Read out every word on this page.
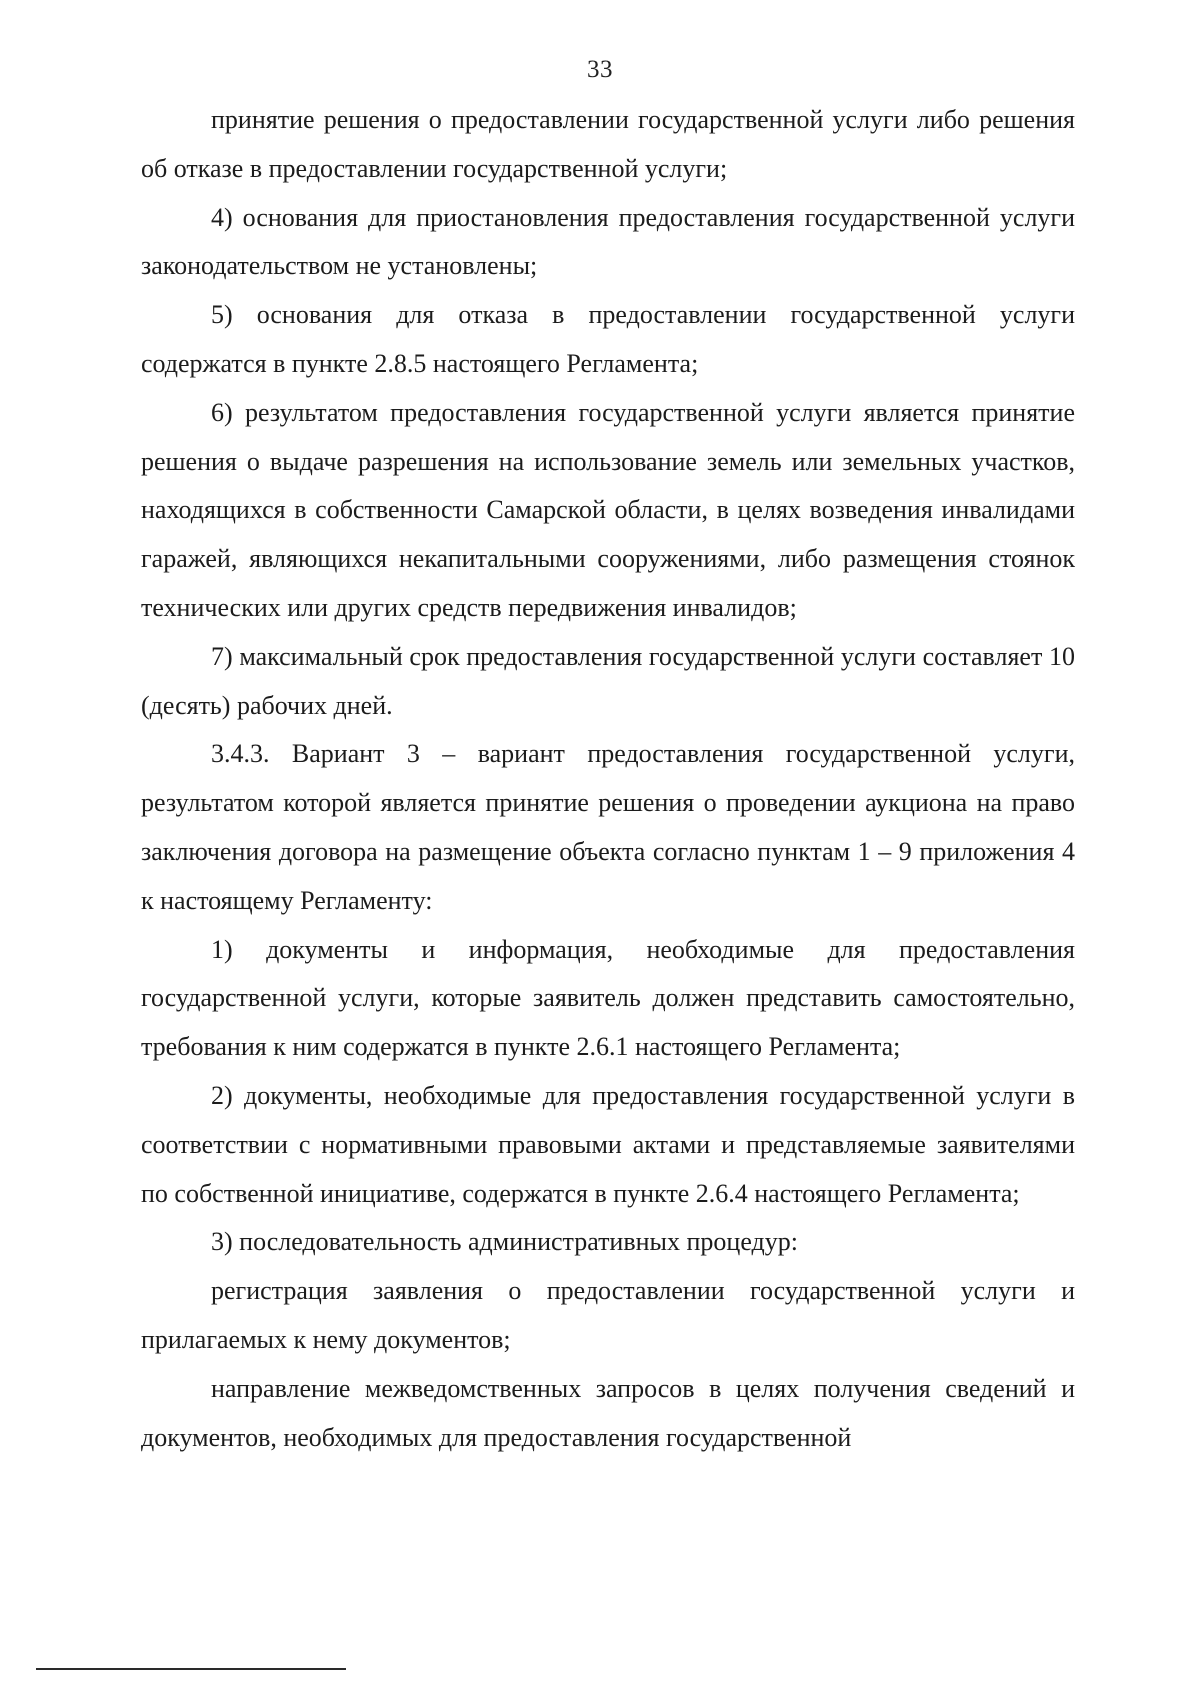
33

принятие решения о предоставлении государственной услуги либо решения об отказе в предоставлении государственной услуги;

4) основания для приостановления предоставления государственной услуги законодательством не установлены;

5) основания для отказа в предоставлении государственной услуги содержатся в пункте 2.8.5 настоящего Регламента;

6) результатом предоставления государственной услуги является принятие решения о выдаче разрешения на использование земель или земельных участков, находящихся в собственности Самарской области, в целях возведения инвалидами гаражей, являющихся некапитальными сооружениями, либо размещения стоянок технических или других средств передвижения инвалидов;

7) максимальный срок предоставления государственной услуги составляет 10 (десять) рабочих дней.

3.4.3. Вариант 3 – вариант предоставления государственной услуги, результатом которой является принятие решения о проведении аукциона на право заключения договора на размещение объекта согласно пунктам 1 – 9 приложения 4 к настоящему Регламенту:

1) документы и информация, необходимые для предоставления государственной услуги, которые заявитель должен представить самостоятельно, требования к ним содержатся в пункте 2.6.1 настоящего Регламента;

2) документы, необходимые для предоставления государственной услуги в соответствии с нормативными правовыми актами и представляемые заявителями по собственной инициативе, содержатся в пункте 2.6.4 настоящего Регламента;

3) последовательность административных процедур:

регистрация заявления о предоставлении государственной услуги и прилагаемых к нему документов;

направление межведомственных запросов в целях получения сведений и документов, необходимых для предоставления государственной
